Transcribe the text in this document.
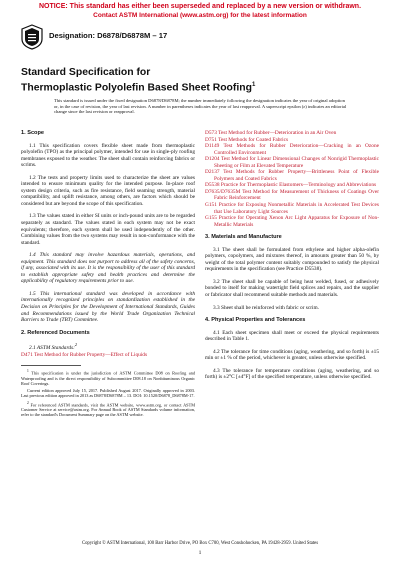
NOTICE: This standard has either been superseded and replaced by a new version or withdrawn.
Contact ASTM International (www.astm.org) for the latest information
Designation: D6878/D6878M – 17
Standard Specification for
Thermoplastic Polyolefin Based Sheet Roofing$^1$
This standard is issued under the fixed designation D6878/D6878M; the number immediately following the designation indicates the year of original adoption or, in the case of revision, the year of last revision. A number in parentheses indicates the year of last reapproval. A superscript epsilon (ε) indicates an editorial change since the last revision or reapproval.
1. Scope

1.1 This specification covers flexible sheet made from thermoplastic polyolefin (TPO) as the principal polymer, intended for use in single-ply roofing membranes exposed to the weather. The sheet shall contain reinforcing fabrics or scrims.

1.2 The tests and property limits used to characterize the sheet are values intended to ensure minimum quality for the intended purpose. In-place roof system design criteria, such as fire resistance, field seaming strength, material compatibility, and uplift resistance, among others, are factors which should be considered but are beyond the scope of this specification.

1.3 The values stated in either SI units or inch-pound units are to be regarded separately as standard. The values stated in each system may not be exact equivalents; therefore, each system shall be used independently of the other. Combining values from the two systems may result in non-conformance with the standard.

1.4 This standard may involve hazardous materials, operations, and equipment. This standard does not purport to address all of the safety concerns, if any, associated with its use. It is the responsibility of the user of this standard to establish appropriate safety and health practices and determine the applicability of regulatory requirements prior to use.

1.5 This international standard was developed in accordance with internationally recognized principles on standardization established in the Decision on Principles for the Development of International Standards, Guides and Recommendations issued by the World Trade Organization Technical Barriers to Trade (TBT) Committee.

2. Referenced Documents

2.1 ASTM Standards:$^2$

D471 Test Method for Rubber Property—Effect of Liquids

$^1$ This specification is under the jurisdiction of ASTM Committee D08 on Roofing and Waterproofing and is the direct responsibility of Subcommittee D08.18 on Nonbituminous Organic Roof Coverings.

Current edition approved July 15, 2017. Published August 2017. Originally approved in 2003. Last previous edition approved in 2013 as D6878/D6878M – 13. DOI: 10.1520/D6878_D6878M-17.

$^2$ For referenced ASTM standards, visit the ASTM website, www.astm.org, or contact ASTM Customer Service at service@astm.org. For Annual Book of ASTM Standards volume information, refer to the standard's Document Summary page on the ASTM website.

D573 Test Method for Rubber—Deterioration in an Air Oven

D751 Test Methods for Coated Fabrics

D1149 Test Methods for Rubber Deterioration—Cracking in an Ozone Controlled Environment

D1204 Test Method for Linear Dimensional Changes of Nonrigid Thermoplastic Sheeting or Film at Elevated Temperature

D2137 Test Methods for Rubber Property—Brittleness Point of Flexible Polymers and Coated Fabrics

D5538 Practice for Thermoplastic Elastomers—Terminology and Abbreviations

D7635/D7635M Test Method for Measurement of Thickness of Coatings Over Fabric Reinforcement

G151 Practice for Exposing Nonmetallic Materials in Accelerated Test Devices that Use Laboratory Light Sources

G155 Practice for Operating Xenon Arc Light Apparatus for Exposure of Non-Metallic Materials

3. Materials and Manufacture

3.1 The sheet shall be formulated from ethylene and higher alpha-olefin polymers, copolymers, and mixtures thereof, in amounts greater than 50 %, by weight of the total polymer content suitably compounded to satisfy the physical requirements in the specification (see Practice D5538).

3.2 The sheet shall be capable of being heat welded, fused, or adhesively bonded to itself for making watertight field splices and repairs, and the supplier or fabricator shall recommend suitable methods and materials.

3.3 Sheet shall be reinforced with fabric or scrim.

4. Physical Properties and Tolerances

4.1 Each sheet specimen shall meet or exceed the physical requirements described in Table 1.

4.2 The tolerance for time conditions (aging, weathering, and so forth) is ±15 min or ±1 % of the period, whichever is greater, unless otherwise specified.

4.3 The tolerance for temperature conditions (aging, weathering, and so forth) is ±2°C [±4°F] of the specified temperature, unless otherwise specified.

Copyright © ASTM International, 100 Barr Harbor Drive, PO Box C700, West Conshohocken, PA 19428-2959. United States
1
